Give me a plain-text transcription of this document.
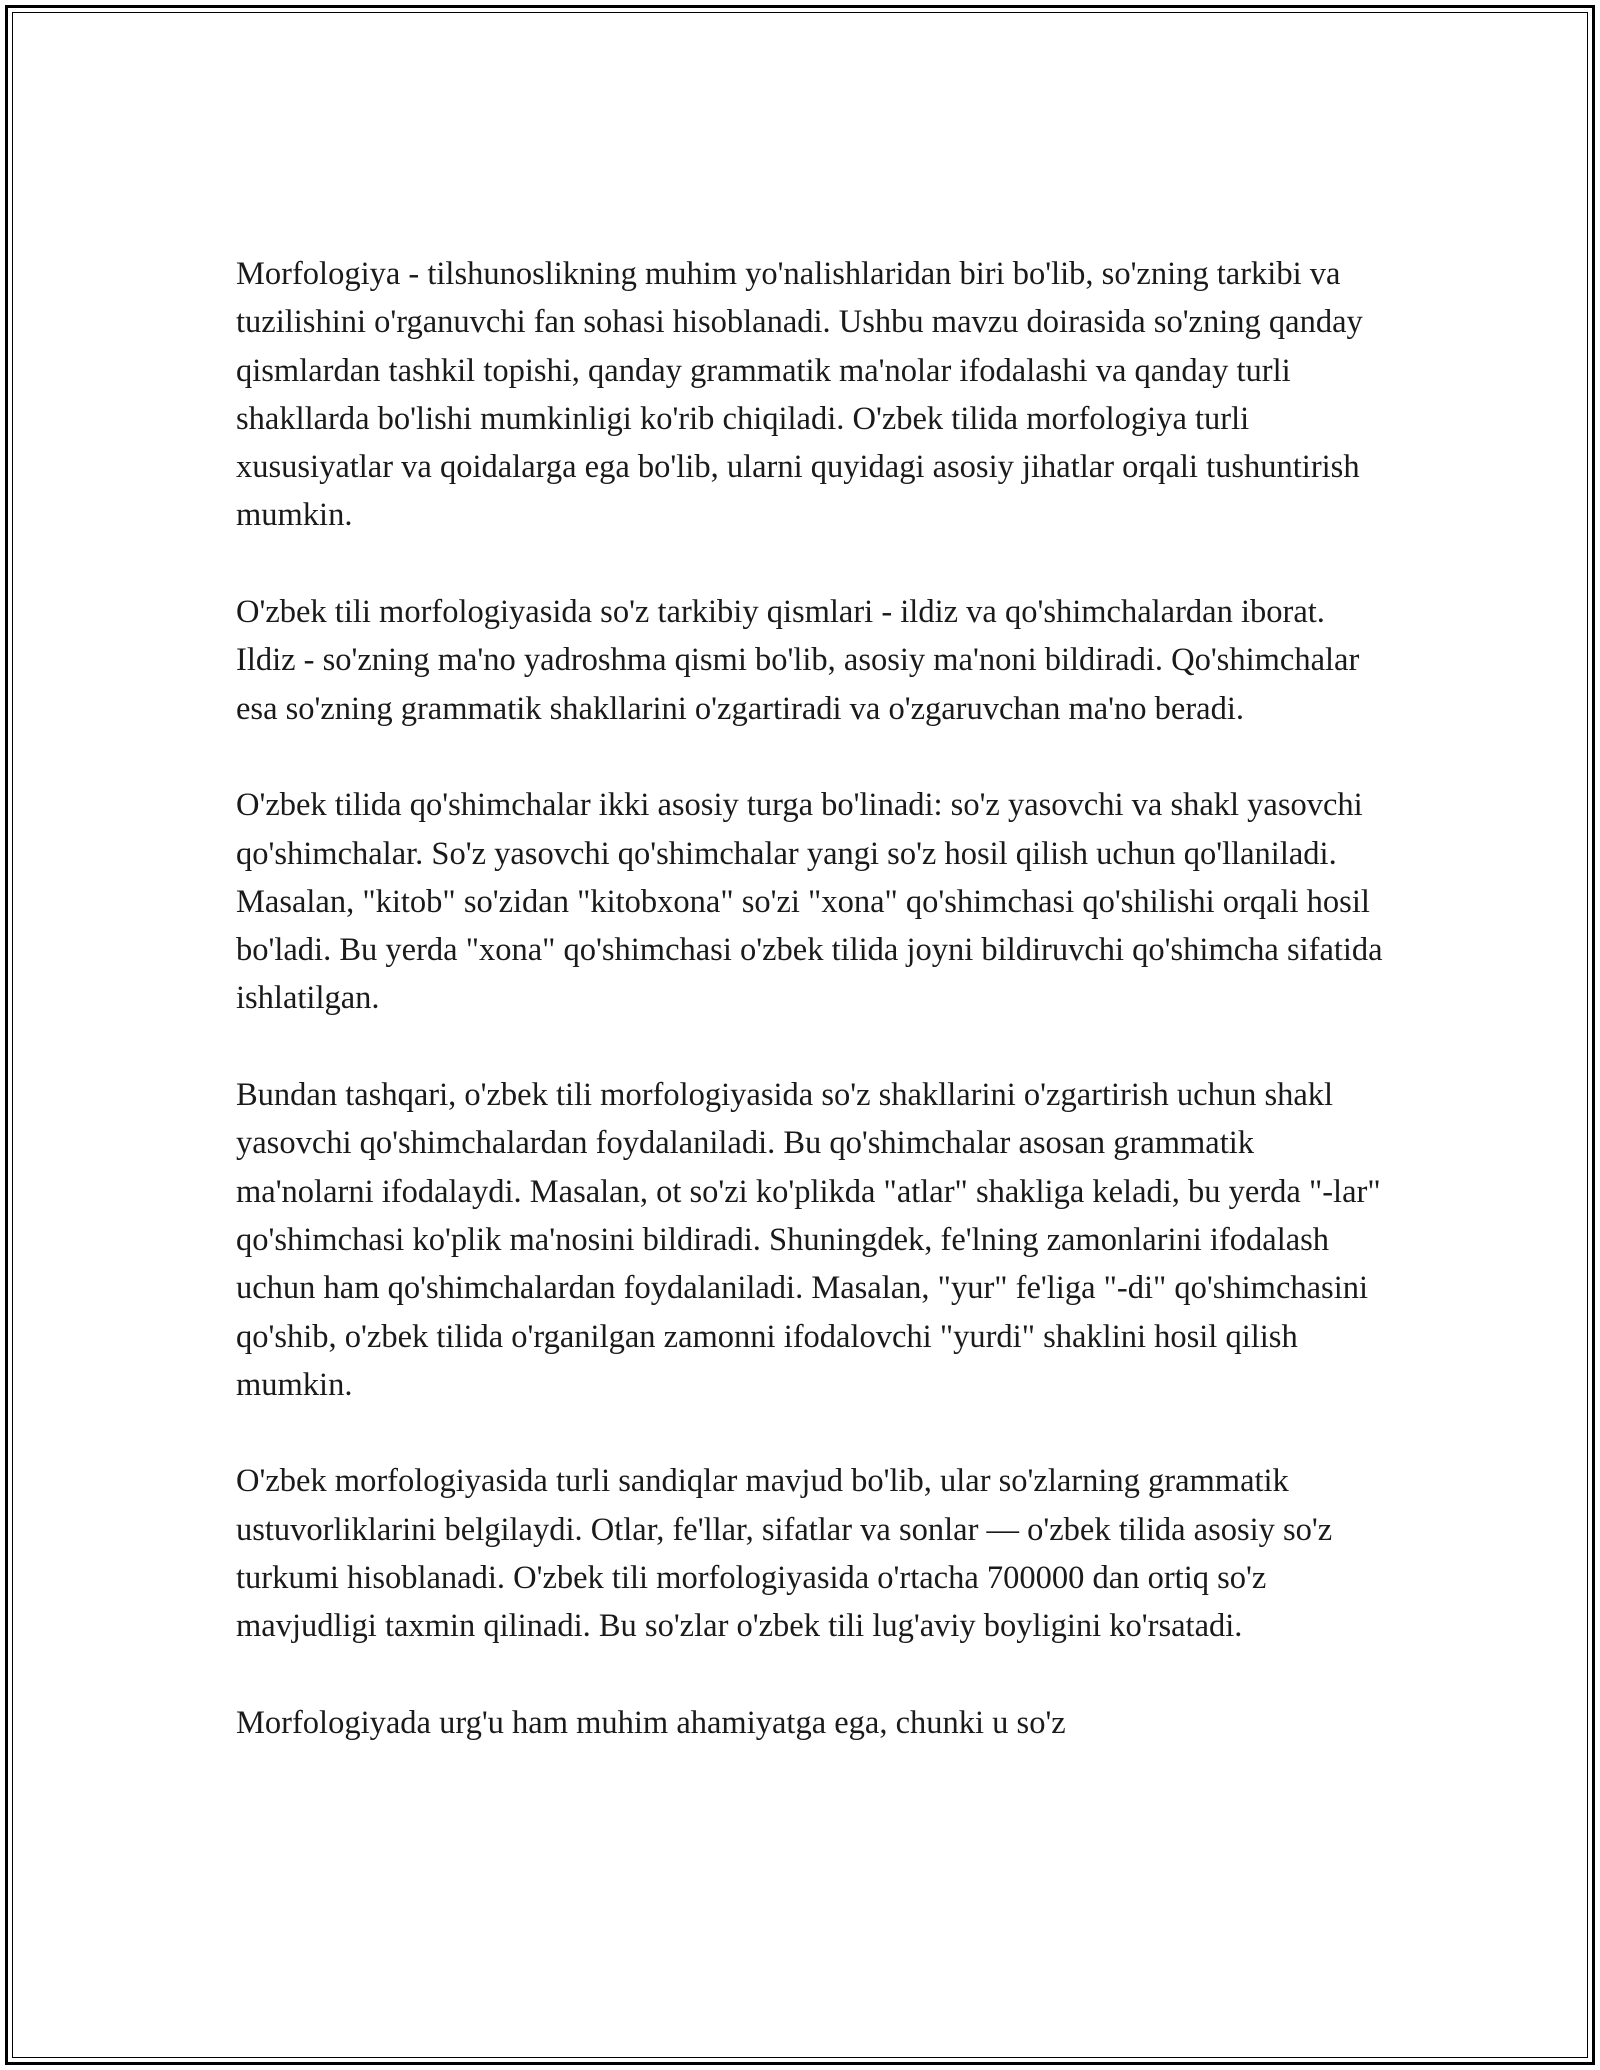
Morfologiya - tilshunoslikning muhim yo'nalishlaridan biri bo'lib, so'zning tarkibi va tuzilishini o'rganuvchi fan sohasi hisoblanadi. Ushbu mavzu doirasida so'zning qanday qismlardan tashkil topishi, qanday grammatik ma'nolar ifodalashi va qanday turli shakllarda bo'lishi mumkinligi ko'rib chiqiladi. O'zbek tilida morfologiya turli xususiyatlar va qoidalarga ega bo'lib, ularni quyidagi asosiy jihatlar orqali tushuntirish mumkin.

O'zbek tili morfologiyasida so'z tarkibiy qismlari - ildiz va qo'shimchalardan iborat. Ildiz - so'zning ma'no yadroshma qismi bo'lib, asosiy ma'noni bildiradi. Qo'shimchalar esa so'zning grammatik shakllarini o'zgartiradi va o'zgaruvchan ma'no beradi.

O'zbek tilida qo'shimchalar ikki asosiy turga bo'linadi: so'z yasovchi va shakl yasovchi qo'shimchalar. So'z yasovchi qo'shimchalar yangi so'z hosil qilish uchun qo'llaniladi. Masalan, "kitob" so'zidan "kitobxona" so'zi "xona" qo'shimchasi qo'shilishi orqali hosil bo'ladi. Bu yerda "xona" qo'shimchasi o'zbek tilida joyni bildiruvchi qo'shimcha sifatida ishlatilgan.

Bundan tashqari, o'zbek tili morfologiyasida so'z shakllarini o'zgartirish uchun shakl yasovchi qo'shimchalardan foydalaniladi. Bu qo'shimchalar asosan grammatik ma'nolarni ifodalaydi. Masalan, ot so'zi ko'plikda "atlar" shakliga keladi, bu yerda "-lar" qo'shimchasi ko'plik ma'nosini bildiradi. Shuningdek, fe'lning zamonlarini ifodalash uchun ham qo'shimchalardan foydalaniladi. Masalan, "yur" fe'liga "-di" qo'shimchasini qo'shib, o'zbek tilida o'rganilgan zamonni ifodalovchi "yurdi" shaklini hosil qilish mumkin.

O'zbek morfologiyasida turli sandiqlar mavjud bo'lib, ular so'zlarning grammatik ustuvorliklarini belgilaydi. Otlar, fe'llar, sifatlar va sonlar — o'zbek tilida asosiy so'z turkumi hisoblanadi. O'zbek tili morfologiyasida o'rtacha 700000 dan ortiq so'z mavjudligi taxmin qilinadi. Bu so'zlar o'zbek tili lug'aviy boyligini ko'rsatadi.

Morfologiyada urg'u ham muhim ahamiyatga ega, chunki u so'z
